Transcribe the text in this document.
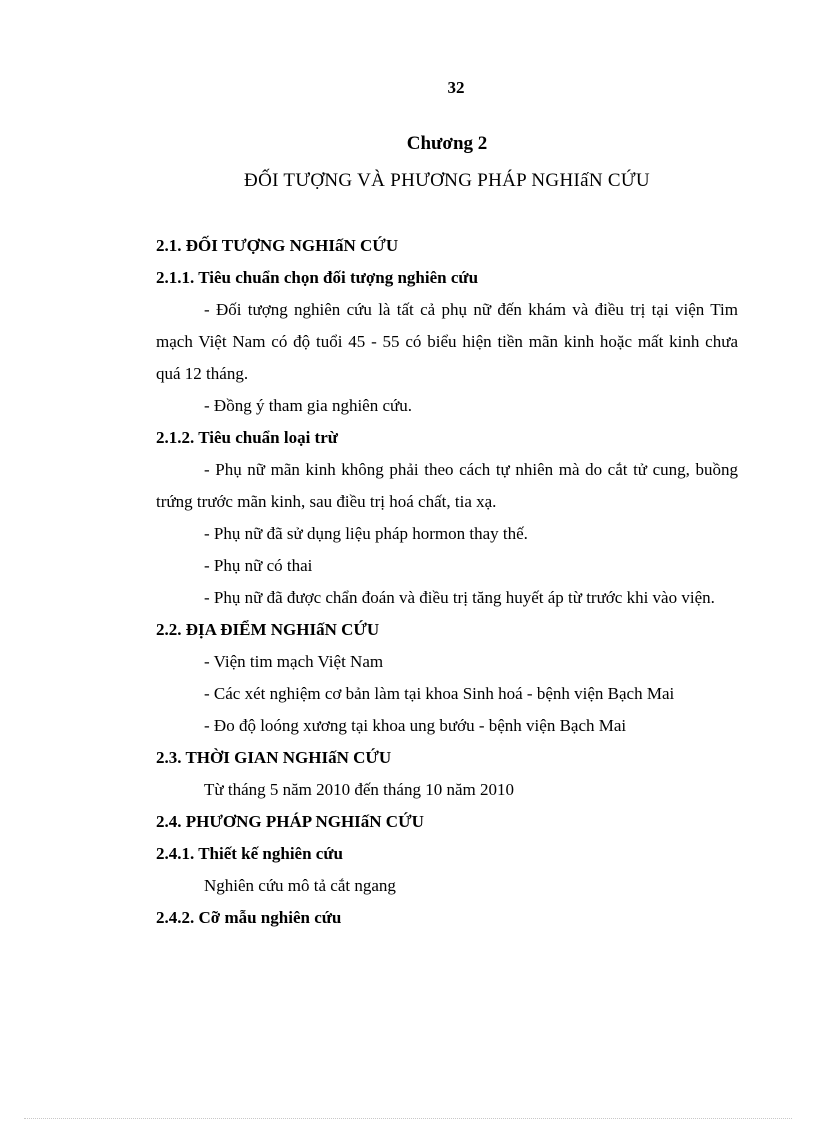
32
Chương 2
ĐỐI TƯỢNG VÀ PHƯƠNG PHÁP NGHIấN CỨU

2.1. ĐỐI TƯỢNG NGHIấN CỨU

2.1.1. Tiêu chuẩn chọn đối tượng nghiên cứu

- Đối tượng nghiên cứu là tất cả phụ nữ đến khám và điều trị tại viện Tim mạch Việt Nam có độ tuổi 45 - 55 có biểu hiện tiền mãn kinh hoặc mất kinh chưa quá 12 tháng.

- Đồng ý tham gia nghiên cứu.

2.1.2. Tiêu chuẩn loại trừ

- Phụ nữ mãn kinh không phải theo cách tự nhiên mà do cắt tử cung, buồng trứng trước mãn kinh, sau điều trị hoá chất, tia xạ.

- Phụ nữ đã sử dụng liệu pháp hormon thay thế.

- Phụ nữ có thai

- Phụ nữ đã được chẩn đoán và điều trị tăng huyết áp từ trước khi vào viện.

2.2. ĐỊA ĐIỂM NGHIấN CỨU

- Viện tim mạch Việt Nam

- Các xét nghiệm cơ bản làm tại khoa Sinh hoá - bệnh viện Bạch Mai

- Đo độ loóng xương tại khoa ung bướu - bệnh viện Bạch Mai

2.3. THỜI GIAN NGHIấN CỨU

Từ tháng 5 năm 2010 đến tháng 10 năm 2010

2.4. PHƯƠNG PHÁP NGHIấN CỨU

2.4.1. Thiết kế nghiên cứu

Nghiên cứu mô tả cắt ngang

2.4.2. Cỡ mẫu nghiên cứu
